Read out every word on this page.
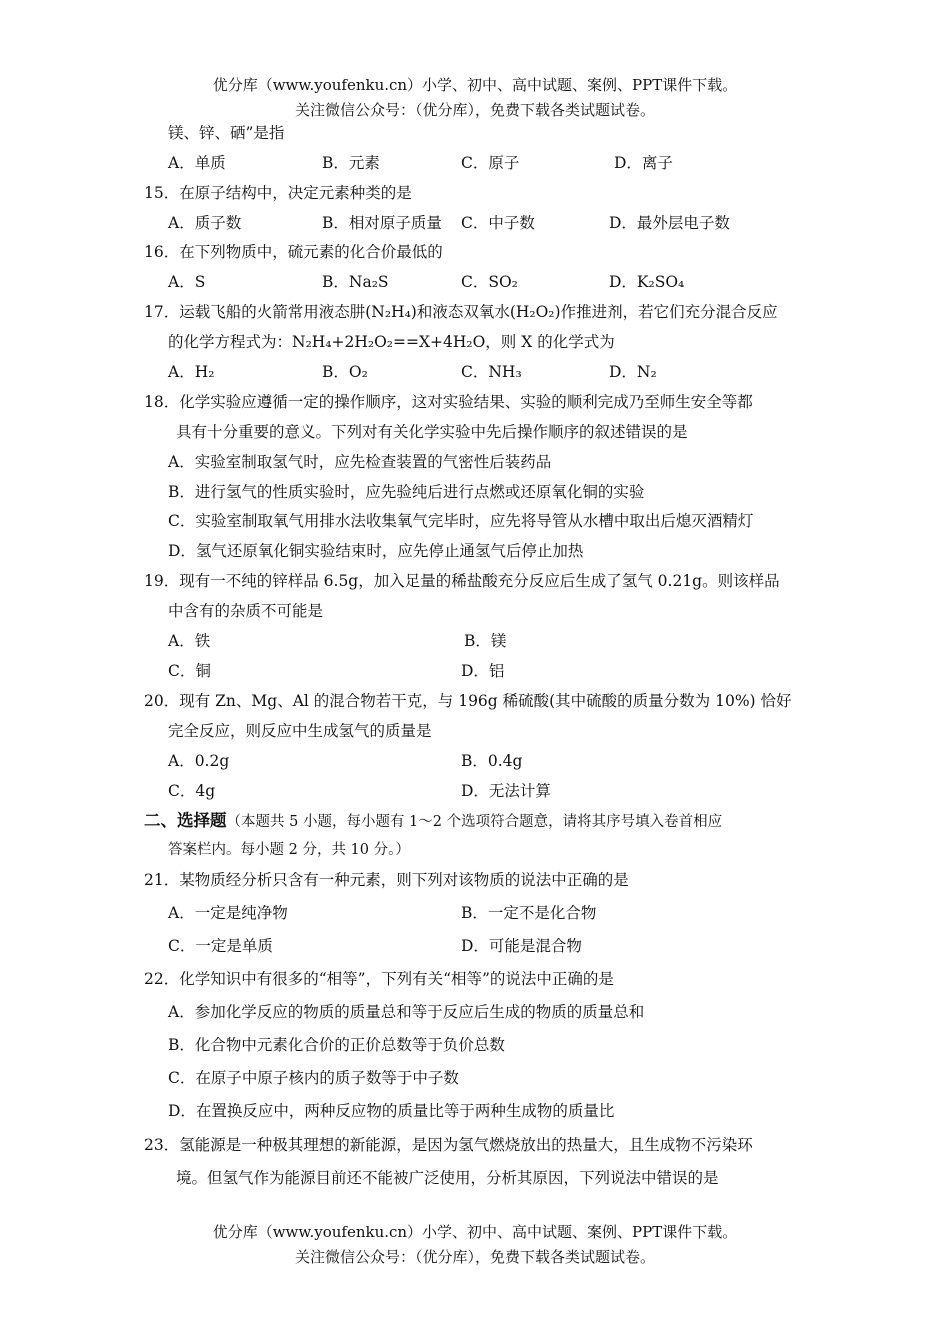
优分库（www.youfenku.cn）小学、初中、高中试题、案例、PPT课件下载。
关注微信公众号：（优分库），免费下载各类试题试卷。
镁、锌、硒”是指
A．单质	B．元素	C．原子	D．离子
15．在原子结构中，决定元素种类的是
A．质子数	B．相对原子质量 C．中子数	D．最外层电子数
16．在下列物质中，硫元素的化合价最低的
A．S	B．Na₂S	C．SO₂	D．K₂SO₄
17．运载飞船的火箭常用液态肼(N₂H₄)和液态双氧水(H₂O₂)作推进剂，若它们充分混合反应
的化学方程式为：N₂H₄+2H₂O₂==X+4H₂O，则 X 的化学式为
A．H₂	B．O₂	C．NH₃	D．N₂
18．化学实验应遵循一定的操作顺序，这对实验结果、实验的顺利完成乃至师生安全等都
具有十分重要的意义。下列对有关化学实验中先后操作顺序的叙述错误的是
A．实验室制取氢气时，应先检查装置的气密性后装药品
B．进行氢气的性质实验时，应先验纯后进行点燃或还原氧化铜的实验
C．实验室制取氧气用排水法收集氧气完毕时，应先将导管从水槽中取出后熄灭酒精灯
D．氢气还原氧化铜实验结束时，应先停止通氢气后停止加热
19．现有一不纯的锌样品 6.5g，加入足量的稀盐酸充分反应后生成了氢气 0.21g。则该样品
中含有的杂质不可能是
A．铁	B．镁
C．铜	D．铝
20．现有 Zn、Mg、Al 的混合物若干克，与 196g 稀硫酸(其中硫酸的质量分数为 10%) 恰好
完全反应，则反应中生成氢气的质量是
A．0.2g	B．0.4g
C．4g	D．无法计算
二、选择题（本题共 5 小题，每小题有 1～2 个选项符合题意，请将其序号填入卷首相应
答案栏内。每小题 2 分，共 10 分。）
21．某物质经分析只含有一种元素，则下列对该物质的说法中正确的是
A．一定是纯净物	B．一定不是化合物
C．一定是单质	D．可能是混合物
22．化学知识中有很多的“相等”，下列有关“相等”的说法中正确的是
A．参加化学反应的物质的质量总和等于反应后生成的物质的质量总和
B．化合物中元素化合价的正价总数等于负价总数
C．在原子中原子核内的质子数等于中子数
D．在置换反应中，两种反应物的质量比等于两种生成物的质量比
23．氢能源是一种极其理想的新能源，是因为氢气燃烧放出的热量大，且生成物不污染环
境。但氢气作为能源目前还不能被广泛使用，分析其原因，下列说法中错误的是
优分库（www.youfenku.cn）小学、初中、高中试题、案例、PPT课件下载。
关注微信公众号：（优分库），免费下载各类试题试卷。
